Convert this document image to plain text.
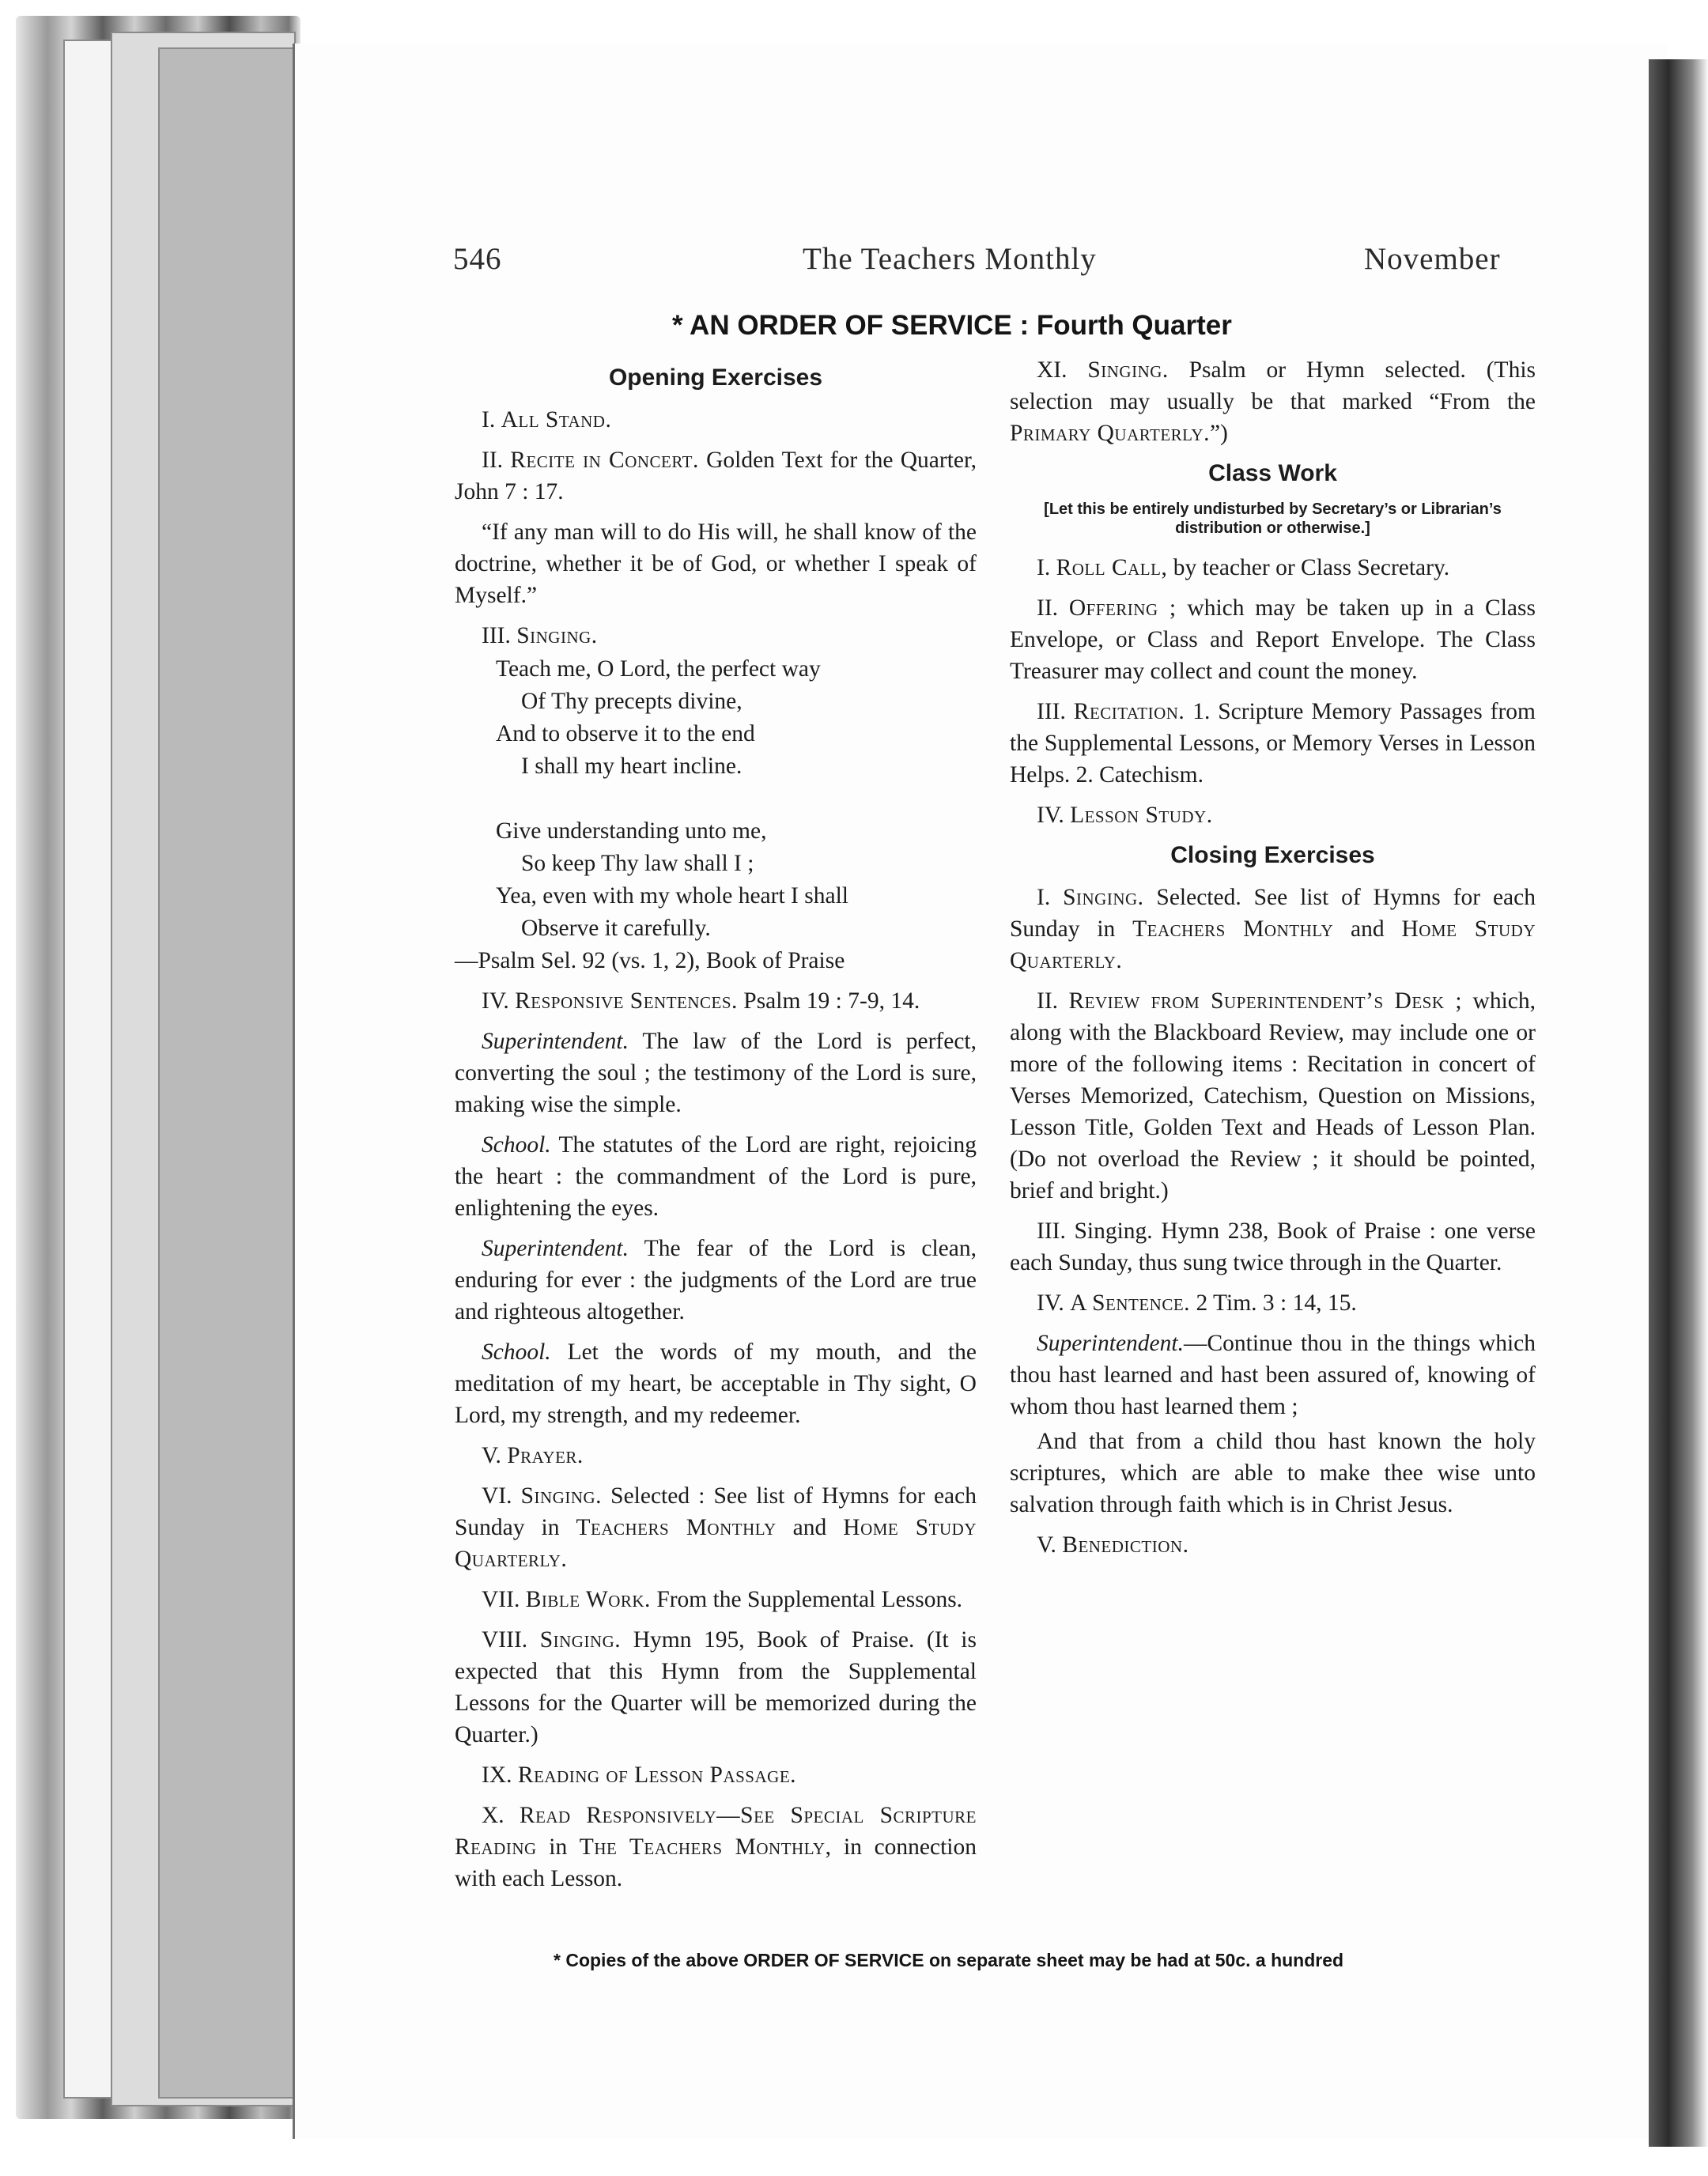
546	The Teachers Monthly	November
* AN ORDER OF SERVICE : Fourth Quarter
Opening Exercises

I. All Stand.

II. Recite in Concert. Golden Text for the Quarter, John 7 : 17.

“If any man will to do His will, he shall know of the doctrine, whether it be of God, or whether I speak of Myself.”

III. Singing.

Teach me, O Lord, the perfect way
Of Thy precepts divine,
And to observe it to the end
I shall my heart incline.
Give understanding unto me,
So keep Thy law shall I ;
Yea, even with my whole heart I shall
Observe it carefully.

—Psalm Sel. 92 (vs. 1, 2), Book of Praise

IV. Responsive Sentences. Psalm 19 : 7-9, 14.

Superintendent. The law of the Lord is perfect, converting the soul ; the testimony of the Lord is sure, making wise the simple.

School. The statutes of the Lord are right, rejoicing the heart : the commandment of the Lord is pure, enlightening the eyes.

Superintendent. The fear of the Lord is clean, enduring for ever : the judgments of the Lord are true and righteous altogether.

School. Let the words of my mouth, and the meditation of my heart, be acceptable in Thy sight, O Lord, my strength, and my redeemer.

V. Prayer.

VI. Singing. Selected : See list of Hymns for each Sunday in Teachers Monthly and Home Study Quarterly.

VII. Bible Work. From the Supplemental Lessons.

VIII. Singing. Hymn 195, Book of Praise. (It is expected that this Hymn from the Supplemental Lessons for the Quarter will be memorized during the Quarter.)

IX. Reading of Lesson Passage.

X. Read Responsively—See Special Scripture Reading in The Teachers Monthly, in connection with each Lesson.

XI. Singing. Psalm or Hymn selected. (This selection may usually be that marked “From the Primary Quarterly.”)

Class Work
[Let this be entirely undisturbed by Secretary’s or Librarian’s distribution or otherwise.]

I. Roll Call, by teacher or Class Secretary.

II. Offering ; which may be taken up in a Class Envelope, or Class and Report Envelope. The Class Treasurer may collect and count the money.

III. Recitation. 1. Scripture Memory Passages from the Supplemental Lessons, or Memory Verses in Lesson Helps. 2. Catechism.

IV. Lesson Study.

Closing Exercises

I. Singing. Selected. See list of Hymns for each Sunday in Teachers Monthly and Home Study Quarterly.

II. Review from Superintendent’s Desk ; which, along with the Blackboard Review, may include one or more of the following items : Recitation in concert of Verses Memorized, Catechism, Question on Missions, Lesson Title, Golden Text and Heads of Lesson Plan. (Do not overload the Review ; it should be pointed, brief and bright.)

III. Singing. Hymn 238, Book of Praise : one verse each Sunday, thus sung twice through in the Quarter.

IV. A Sentence. 2 Tim. 3 : 14, 15.

Superintendent.—Continue thou in the things which thou hast learned and hast been assured of, knowing of whom thou hast learned them ;

And that from a child thou hast known the holy scriptures, which are able to make thee wise unto salvation through faith which is in Christ Jesus.

V. Benediction.

* Copies of the above ORDER OF SERVICE on separate sheet may be had at 50c. a hundred
